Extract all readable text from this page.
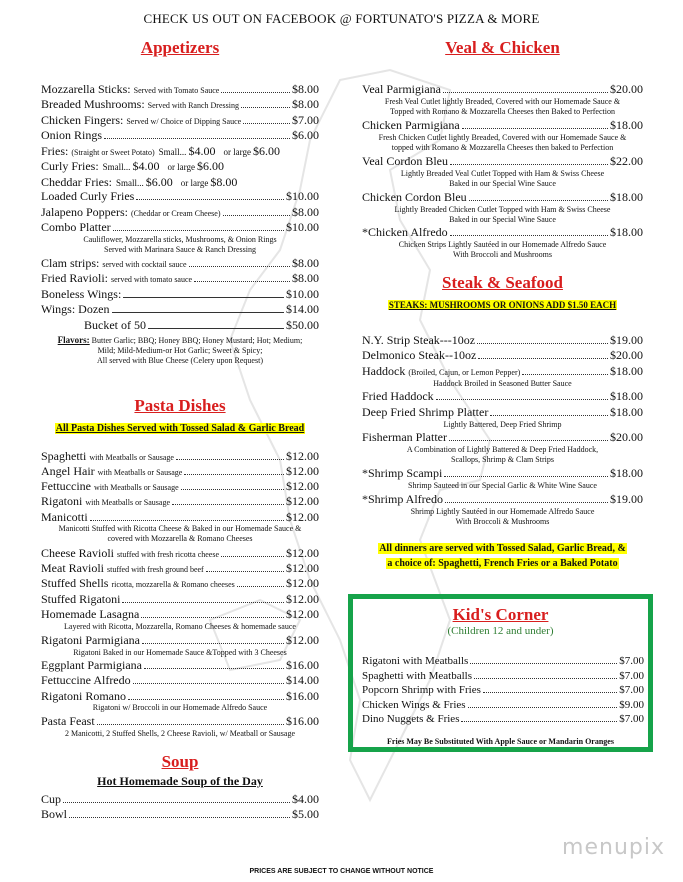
CHECK US OUT ON FACEBOOK @ FORTUNATO'S PIZZA & MORE
Appetizers
Mozzarella Sticks: Served with Tomato Sauce	$8.00
Breaded Mushrooms: Served with Ranch Dressing	$8.00
Chicken Fingers: Served w/ Choice of Dipping Sauce	$7.00
Onion Rings	$6.00
Fries: (Straight or Sweet Potato) Small... $4.00 or large $6.00
Curly Fries: Small... $4.00 or large $6.00
Cheddar Fries: Small... $6.00 or large $8.00
Loaded Curly Fries	$10.00
Jalapeno Poppers: (Cheddar or Cream Cheese)	$8.00
Combo Platter	$10.00
Cauliflower, Mozzarella sticks, Mushrooms, & Onion Rings
Served with Marinara Sauce & Ranch Dressing
Clam strips: served with cocktail sauce	$8.00
Fried Ravioli: served with tomato sauce	$8.00
Boneless Wings:	$10.00
Wings: Dozen	$14.00
Bucket of 50	$50.00
Flavors: Butter Garlic; BBQ; Honey BBQ; Honey Mustard; Hot; Medium;
Mild; Mild-Medium-or Hot Garlic; Sweet & Spicy;
All served with Blue Cheese (Celery upon Request)
Pasta Dishes
All Pasta Dishes Served with Tossed Salad & Garlic Bread
Spaghetti with Meatballs or Sausage	$12.00
Angel Hair with Meatballs or Sausage	$12.00
Fettuccine with Meatballs or Sausage	$12.00
Rigatoni with Meatballs or Sausage	$12.00
Manicotti	$12.00
Manicotti Stuffed with Ricotta Cheese & Baked in our Homemade Sauce &
covered with Mozzarella & Romano Cheeses
Cheese Ravioli stuffed with fresh ricotta cheese	$12.00
Meat Ravioli stuffed with fresh ground beef	$12.00
Stuffed Shells ricotta, mozzarella & Romano cheeses	$12.00
Stuffed Rigatoni	$12.00
Homemade Lasagna	$12.00
Layered with Ricotta, Mozzarella, Romano Cheeses & homemade sauce
Rigatoni Parmigiana	$12.00
Rigatoni Baked in our Homemade Sauce &Topped with 3 Cheeses
Eggplant Parmigiana	$16.00
Fettuccine Alfredo	$14.00
Rigatoni Romano	$16.00
Rigatoni w/ Broccoli in our Homemade Alfredo Sauce
Pasta Feast	$16.00
2 Manicotti, 2 Stuffed Shells, 2 Cheese Ravioli, w/ Meatball or Sausage
Soup
Hot Homemade Soup of the Day
Cup	$4.00
Bowl	$5.00
Veal & Chicken
Veal Parmigiana	$20.00
Fresh Veal Cutlet lightly Breaded, Covered with our Homemade Sauce &
Topped with Romano & Mozzarella Cheeses then Baked to Perfection
Chicken Parmigiana	$18.00
Fresh Chicken Cutlet lightly Breaded, Covered with our Homemade Sauce &
topped with Romano & Mozzarella Cheeses then baked to Perfection
Veal Cordon Bleu	$22.00
Lightly Breaded Veal Cutlet Topped with Ham & Swiss Cheese
Baked in our Special Wine Sauce
Chicken Cordon Bleu	$18.00
Lightly Breaded Chicken Cutlet Topped with Ham & Swiss Cheese
Baked in our Special Wine Sauce
*Chicken Alfredo	$18.00
Chicken Strips Lightly Sautéed in our Homemade Alfredo Sauce
With Broccoli and Mushrooms
Steak & Seafood
STEAKS: MUSHROOMS OR ONIONS ADD $1.50 EACH
N.Y. Strip Steak---10oz	$19.00
Delmonico Steak--10oz	$20.00
Haddock (Broiled, Cajun, or Lemon Pepper)	$18.00
Haddock Broiled in Seasoned Butter Sauce
Fried Haddock	$18.00
Deep Fried Shrimp Platter	$18.00
Lightly Battered, Deep Fried Shrimp
Fisherman Platter	$20.00
A Combination of Lightly Battered & Deep Fried Haddock,
Scallops, Shrimp & Clam Strips
*Shrimp Scampi	$18.00
Shrimp Sauteed in our Special Garlic & White Wine Sauce
*Shrimp Alfredo	$19.00
Shrimp Lightly Sautéed in our Homemade Alfredo Sauce
With Broccoli & Mushrooms
All dinners are served with Tossed Salad, Garlic Bread, &
a choice of: Spaghetti, French Fries or a Baked Potato
Kid's Corner
(Children 12 and under)
Rigatoni with Meatballs	$7.00
Spaghetti with Meatballs	$7.00
Popcorn Shrimp with Fries	$7.00
Chicken Wings & Fries	$9.00
Dino Nuggets & Fries	$7.00
Fries May Be Substituted With Apple Sauce or Mandarin Oranges
menupix
PRICES ARE SUBJECT TO CHANGE WITHOUT NOTICE
